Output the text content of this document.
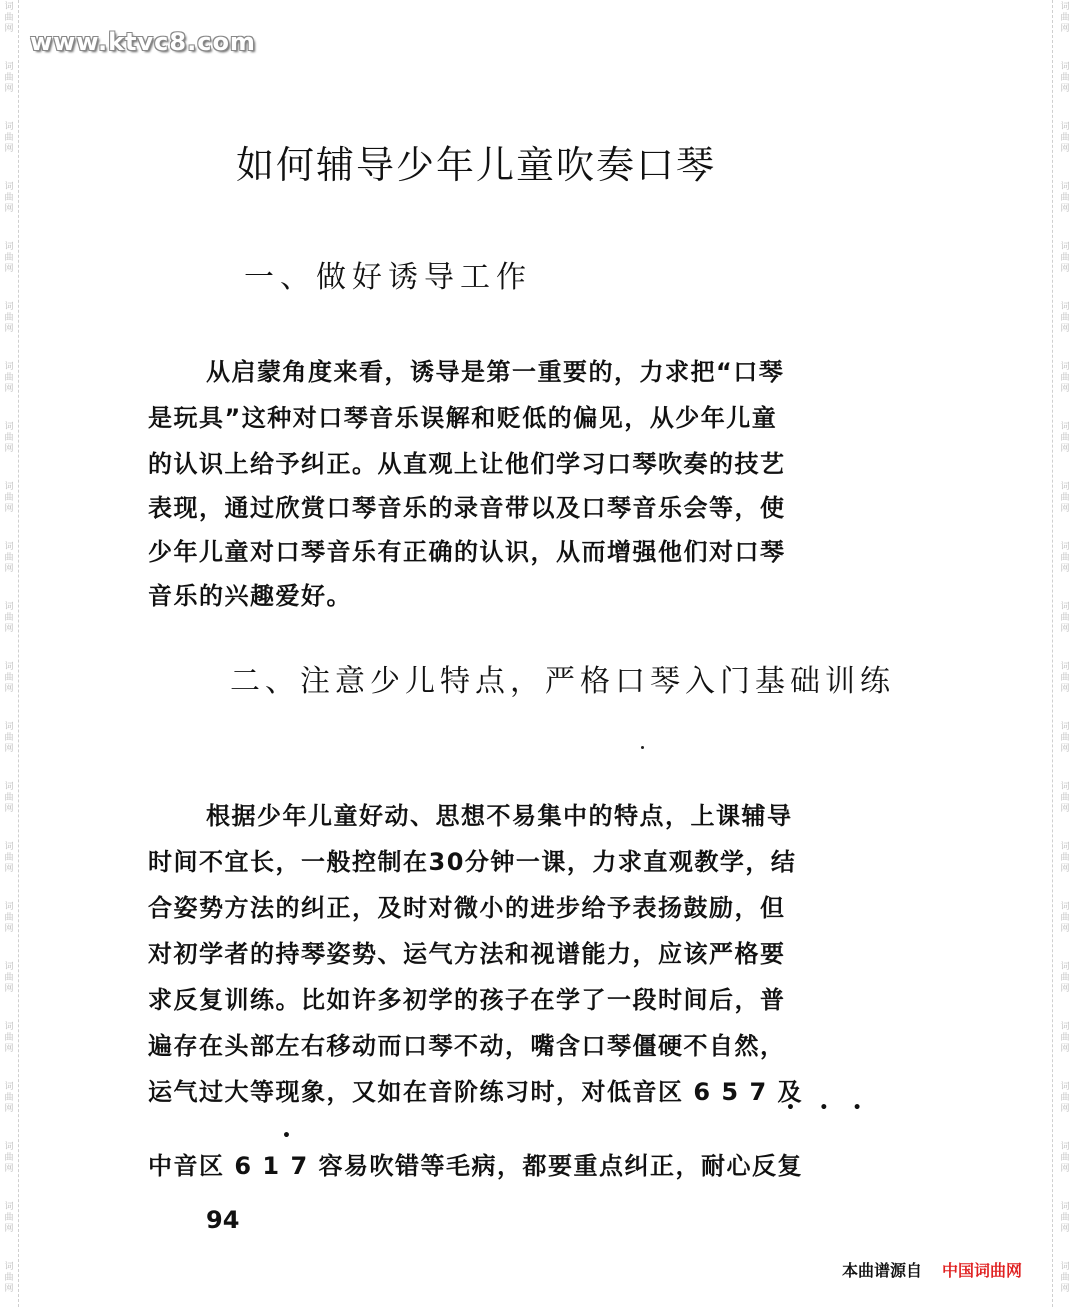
词
曲
网
词
曲
网
词
曲
网
词
曲
网
词
曲
网
词
曲
网
词
曲
网
词
曲
网
词
曲
网
词
曲
网
词
曲
网
词
曲
网
词
曲
网
词
曲
网
词
曲
网
词
曲
网
词
曲
网
词
曲
网
词
曲
网
词
曲
网
词
曲
网
词
曲
网
词
曲
网
词
曲
网
词
曲
网
词
曲
网
词
曲
网
词
曲
网
词
曲
网
词
曲
网
词
曲
网
词
曲
网
词
曲
网
词
曲
网
词
曲
网
词
曲
网
词
曲
网
词
曲
网
词
曲
网
词
曲
网
词
曲
网
词
曲
网
词
曲
网
词
曲
网
www.ktvc8.com
如何辅导少年儿童吹奏口琴
一、做好诱导工作
从启蒙角度来看，诱导是第一重要的，力求把“口琴
是玩具”这种对口琴音乐误解和贬低的偏见，从少年儿童
的认识上给予纠正。从直观上让他们学习口琴吹奏的技艺
表现，通过欣赏口琴音乐的录音带以及口琴音乐会等，使
少年儿童对口琴音乐有正确的认识，从而增强他们对口琴
音乐的兴趣爱好。
二、注意少儿特点，严格口琴入门基础训练
根据少年儿童好动、思想不易集中的特点，上课辅导
时间不宜长，一般控制在30分钟一课，力求直观教学，结
合姿势方法的纠正，及时对微小的进步给予表扬鼓励，但
对初学者的持琴姿势、运气方法和视谱能力，应该严格要
求反复训练。比如许多初学的孩子在学了一段时间后，普
遍存在头部左右移动而口琴不动，嘴含口琴僵硬不自然，
运气过大等现象，又如在音阶练习时，对低音区 6 5 7 及
中音区 6 1 7 容易吹错等毛病，都要重点纠正，耐心反复
•     •     •
•
94
本曲谱源自 中国词曲网
